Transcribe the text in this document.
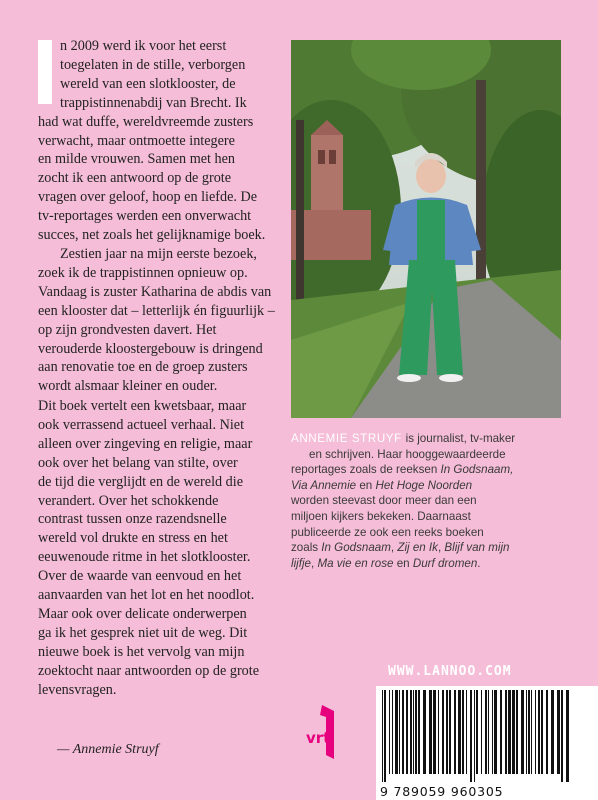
n 2009 werd ik voor het eerst
toegelaten in de stille, verborgen
wereld van een slotklooster, de
trappistinnenabdij van Brecht. Ik
had wat duffe, wereldvreemde zusters
verwacht, maar ontmoette integere
en milde vrouwen. Samen met hen
zocht ik een antwoord op de grote
vragen over geloof, hoop en liefde. De
tv-reportages werden een onverwacht
succes, net zoals het gelijknamige boek.
Zestien jaar na mijn eerste bezoek,
zoek ik de trappistinnen opnieuw op.
Vandaag is zuster Katharina de abdis van
een klooster dat – letterlijk én figuurlijk –
op zijn grondvesten davert. Het
verouderde kloostergebouw is dringend
aan renovatie toe en de groep zusters
wordt alsmaar kleiner en ouder.
Dit boek vertelt een kwetsbaar, maar
ook verrassend actueel verhaal. Niet
alleen over zingeving en religie, maar
ook over het belang van stilte, over
de tijd die verglijdt en de wereld die
verandert. Over het schokkende
contrast tussen onze razendsnelle
wereld vol drukte en stress en het
eeuwenoude ritme in het slotklooster.
Over de waarde van eenvoud en het
aanvaarden van het lot en het noodlot.
Maar ook over delicate onderwerpen
ga ik het gesprek niet uit de weg. Dit
nieuwe boek is het vervolg van mijn
zoektocht naar antwoorden op de grote
levensvragen.
— Annemie Struyf
ANNEMIE STRUYF is journalist, tv-maker
en schrijven. Haar hooggewaardeerde
reportages zoals de reeksen In Godsnaam,
Via Annemie en Het Hoge Noorden
worden steevast door meer dan een
miljoen kijkers bekeken. Daarnaast
publiceerde ze ook een reeks boeken
zoals In Godsnaam, Zij en Ik, Blijf van mijn
lijfje, Ma vie en rose en Durf dromen.
WWW.LANNOO.COM
vrt
9 789059 960305
